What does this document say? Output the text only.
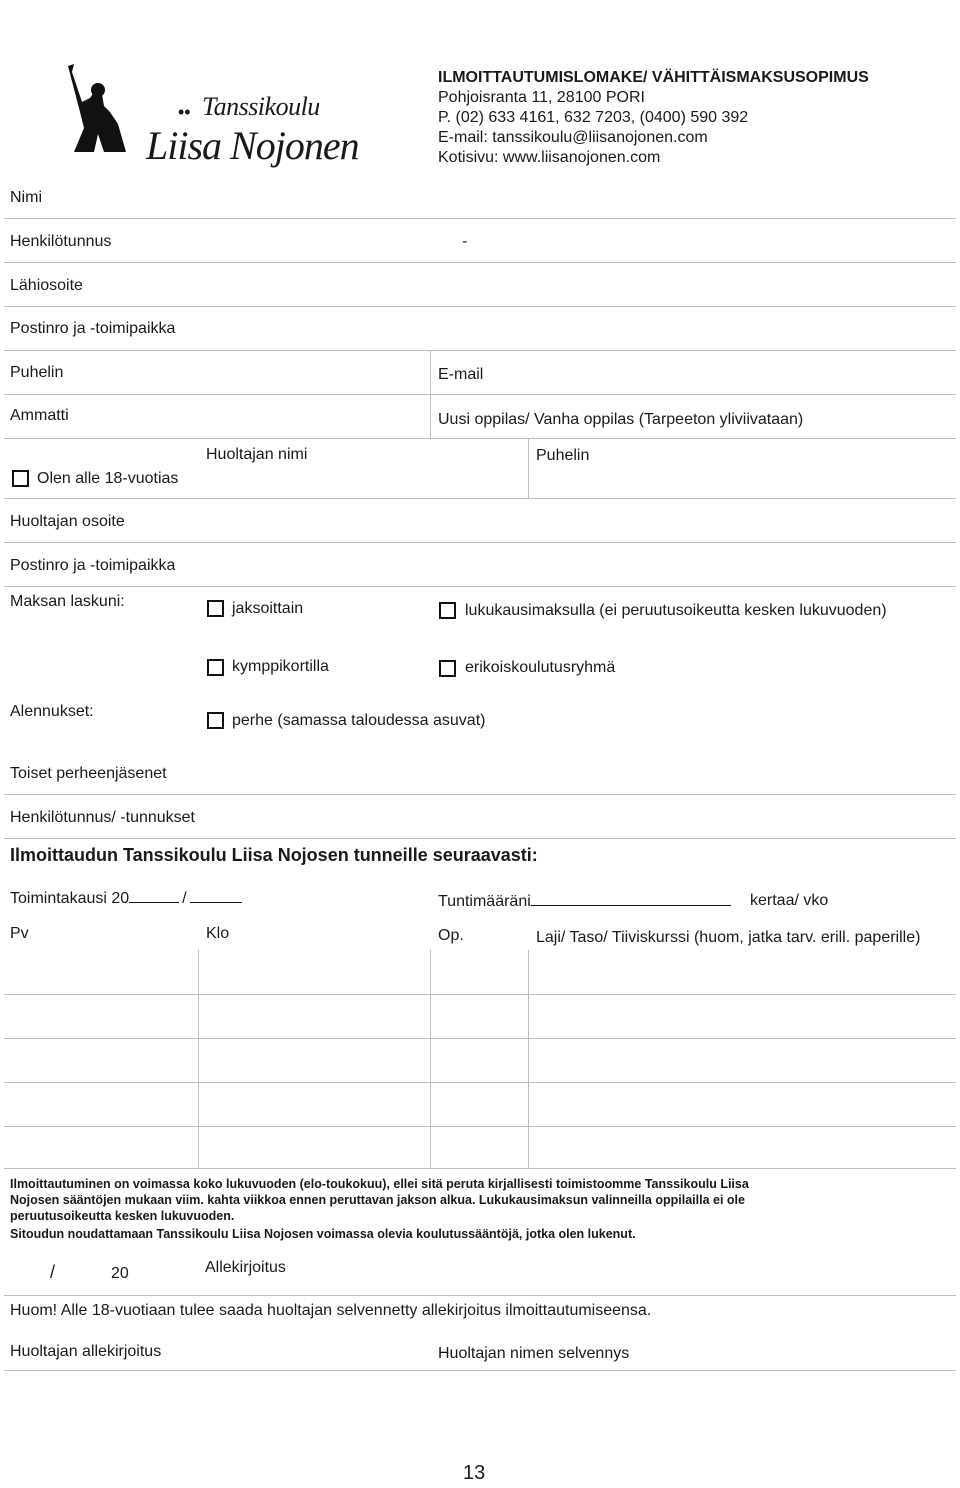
Tanssikoulu
Liisa Nojonen
••
ILMOITTAUTUMISLOMAKE/ VÄHITTÄISMAKSUSOPIMUS
Pohjoisranta 11, 28100 PORI
P. (02) 633 4161, 632 7203, (0400) 590 392
E-mail: tanssikoulu@liisanojonen.com
Kotisivu: www.liisanojonen.com
Nimi
Henkilötunnus	-
Lähiosoite
Postinro ja -toimipaikka
Puhelin	E-mail
Ammatti	Uusi oppilas/ Vanha oppilas (Tarpeeton yliviivataan)
Huoltajan nimi	Puhelin
Olen alle 18-vuotias
Huoltajan osoite
Postinro ja -toimipaikka
Maksan laskuni:	jaksoittain	lukukausimaksulla (ei peruutusoikeutta kesken lukuvuoden)
kymppikortilla	erikoiskoulutusryhmä
Alennukset:
perhe (samassa taloudessa asuvat)
Toiset perheenjäsenet
Henkilötunnus/ -tunnukset
Ilmoittaudun Tanssikoulu Liisa Nojosen tunneille seuraavasti:
Toimintakausi 20	/	Tuntimääräni	kertaa/ vko
Pv	Klo	Op.	Laji/ Taso/ Tiiviskurssi (huom, jatka tarv. erill. paperille)
Ilmoittautuminen on voimassa koko lukuvuoden (elo-toukokuu), ellei sitä peruta kirjallisesti toimistoomme Tanssikoulu Liisa
Nojosen sääntöjen mukaan viim. kahta viikkoa ennen peruttavan jakson alkua. Lukukausimaksun valinneilla oppilailla ei ole
peruutusoikeutta kesken lukuvuoden.
Sitoudun noudattamaan Tanssikoulu Liisa Nojosen voimassa olevia koulutussääntöjä, jotka olen lukenut.
/	20	Allekirjoitus
Huom! Alle 18-vuotiaan tulee saada huoltajan selvennetty allekirjoitus ilmoittautumiseensa.
Huoltajan allekirjoitus	Huoltajan nimen selvennys
13
